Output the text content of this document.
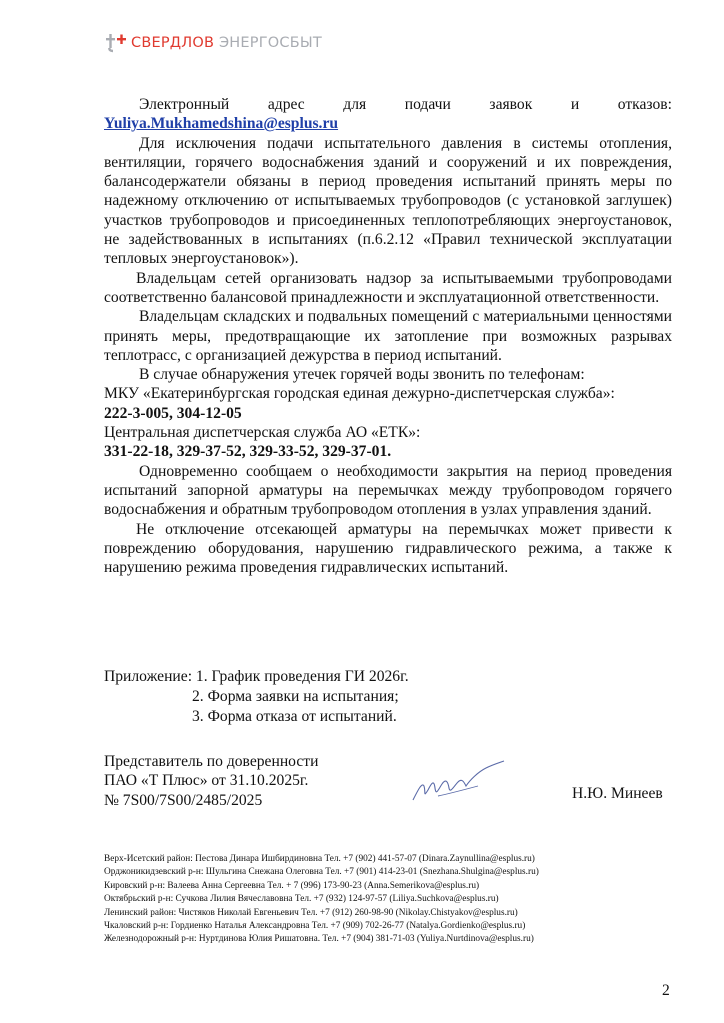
СВЕРДЛОВ ЭНЕРГОСБЫТ

Электронный адрес для подачи заявок и отказов: Yuliya.Mukhamedshina@esplus.ru

Для исключения подачи испытательного давления в системы отопления, вентиляции, горячего водоснабжения зданий и сооружений и их повреждения, балансодержатели обязаны в период проведения испытаний принять меры по надежному отключению от испытываемых трубопроводов (с установкой заглушек) участков трубопроводов и присоединенных теплопотребляющих энергоустановок, не задействованных в испытаниях (п.6.2.12 «Правил технической эксплуатации тепловых энергоустановок»).

Владельцам сетей организовать надзор за испытываемыми трубопроводами соответственно балансовой принадлежности и эксплуатационной ответственности.

Владельцам складских и подвальных помещений с материальными ценностями принять меры, предотвращающие их затопление при возможных разрывах теплотрасс, с организацией дежурства в период испытаний.

В случае обнаружения утечек горячей воды звонить по телефонам:

МКУ «Екатеринбургская городская единая дежурно-диспетчерская служба»:

222-3-005, 304-12-05

Центральная диспетчерская служба АО «ЕТК»:

331-22-18, 329-37-52, 329-33-52, 329-37-01.

Одновременно сообщаем о необходимости закрытия на период проведения испытаний запорной арматуры на перемычках между трубопроводом горячего водоснабжения и обратным трубопроводом отопления в узлах управления зданий.

Не отключение отсекающей арматуры на перемычках может привести к повреждению оборудования, нарушению гидравлического режима, а также к нарушению режима проведения гидравлических испытаний.

Приложение: 1. График проведения ГИ 2026г.
2. Форма заявки на испытания;
3. Форма отказа от испытаний.
Представитель по доверенности
ПАО «Т Плюс» от 31.10.2025г.
№ 7S00/7S00/2485/2025	Н.Ю. Минеев
Верх-Исетский район: Пестова Динара Ишбирдиновна Тел. +7 (902) 441-57-07 (Dinara.Zaynullina@esplus.ru)
Орджоникидзевский р-н: Шульгина Снежана Олеговна Тел. +7 (901) 414-23-01 (Snezhana.Shulgina@esplus.ru)
Кировский р-н: Валеева Анна Сергеевна Тел. + 7 (996) 173-90-23 (Anna.Semerikova@esplus.ru)
Октябрьский р-н: Сучкова Лилия Вячеславовна Тел. +7 (932) 124-97-57 (Liliya.Suchkova@esplus.ru)
Ленинский район: Чистяков Николай Евгеньевич Тел. +7 (912) 260-98-90 (Nikolay.Chistyakov@esplus.ru)
Чкаловский р-н: Гордиенко Наталья Александровна Тел. +7 (909) 702-26-77 (Natalya.Gordienko@esplus.ru)
Железнодорожный р-н: Нуртдинова Юлия Ришатовна. Тел. +7 (904) 381-71-03 (Yuliya.Nurtdinova@esplus.ru)
2
